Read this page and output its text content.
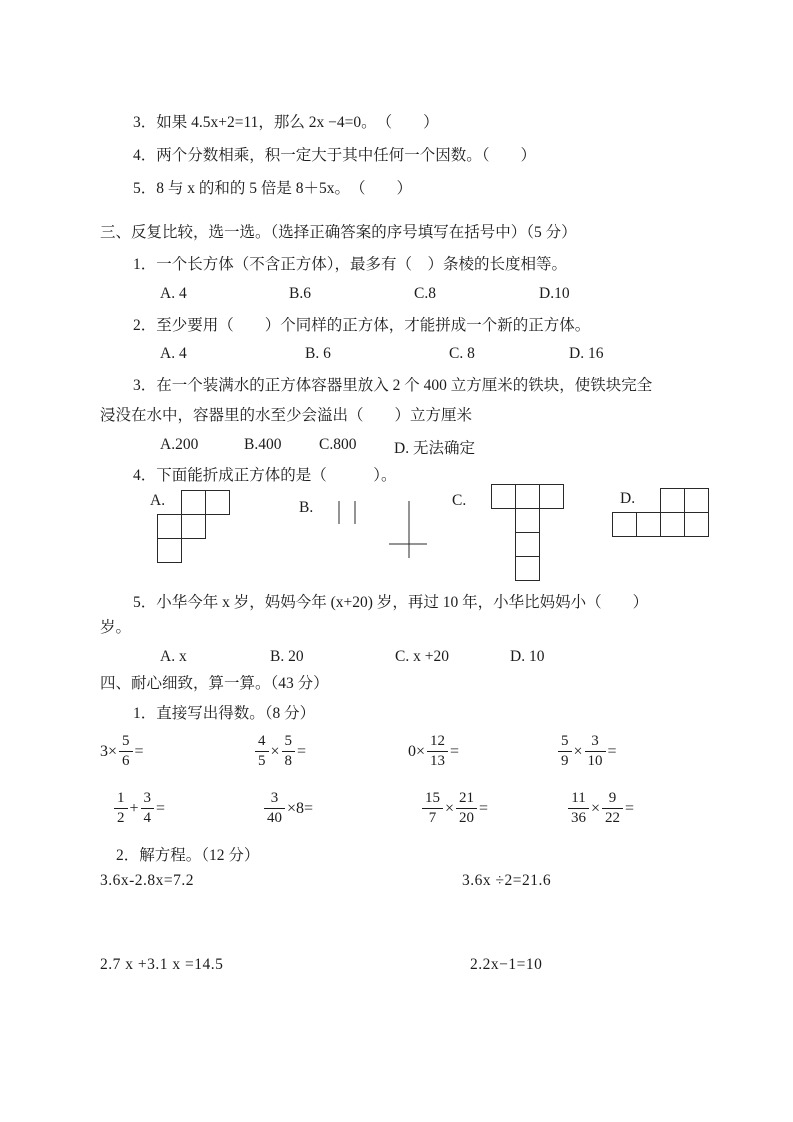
3．如果 4.5x+2=11，那么 2x −4=0。　（　　）
4．两个分数相乘，积一定大于其中任何一个因数。（　　）
5．8 与 x 的和的 5 倍是 8＋5x。　（　　）
三、反复比较，选一选。（选择正确答案的序号填写在括号中）（5 分）
1．一个长方体（不含正方体），最多有（　）条棱的长度相等。
A. 4	B.6	C.8	D.10
2．至少要用（　　）个同样的正方体，才能拼成一个新的正方体。
A. 4	B. 6	C. 8	D. 16
3．在一个装满水的正方体容器里放入 2 个 400 立方厘米的铁块，使铁块完全
浸没在水中，容器里的水至少会溢出（　　）立方厘米
A.200	B.400 C.800 D. 无法确定
4．下面能折成正方体的是（　　　）。
A.	B.	C.	D.
5．小华今年 x 岁，妈妈今年 (x+20) 岁，再过 10 年，小华比妈妈小（　　）
岁。
A. x	B. 20	C. x +20	D. 10
四、耐心细致，算一算。（43 分）
1．直接写出得数。（8 分）
$3\times \frac{5}{6}$ =	$\frac{4}{5} \times \frac{5}{8}$ =	$0\times \frac{12}{13}$ =	$\frac{5}{9} \times \frac{3}{10}$ =
$\frac{1}{2} + \frac{3}{4}$ =	$\frac{3}{40} \times 8=$	$\frac{15}{7} \times \frac{21}{20}$ =	$\frac{11}{36} \times \frac{9}{22}$ =
2．解方程。（12 分）
3.6x-2.8x=7.2	3.6x ÷2=21.6
2.7 x +3.1 x =14.5	2.2x−1=10
